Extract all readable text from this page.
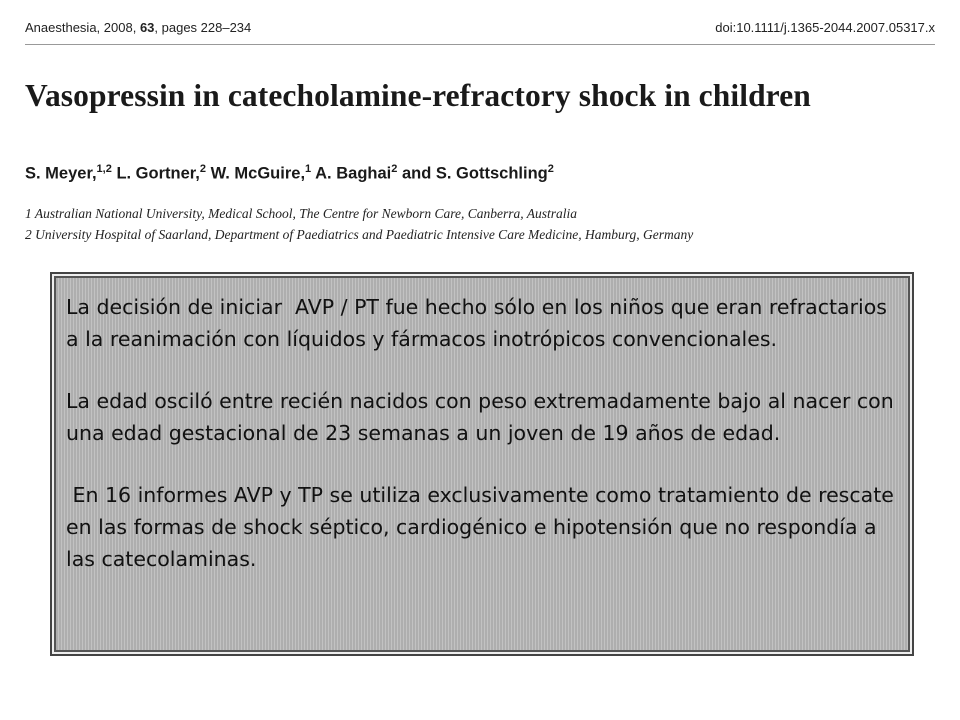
Anaesthesia, 2008, 63, pages 228–234	doi:10.1111/j.1365-2044.2007.05317.x
Vasopressin in catecholamine-refractory shock in children
S. Meyer,$^{1,2}$ L. Gortner,$^2$ W. McGuire,$^1$ A. Baghai$^2$ and S. Gottschling$^2$
1 Australian National University, Medical School, The Centre for Newborn Care, Canberra, Australia
2 University Hospital of Saarland, Department of Paediatrics and Paediatric Intensive Care Medicine, Hamburg, Germany

La decisión de iniciar  AVP / PT fue hecho sólo en los niños que eran refractarios a la reanimación con líquidos y fármacos inotrópicos convencionales.

La edad osciló entre recién nacidos con peso extremadamente bajo al nacer con una edad gestacional de 23 semanas a un joven de 19 años de edad.

En 16 informes AVP y TP se utiliza exclusivamente como tratamiento de rescate en las formas de shock séptico, cardiogénico e hipotensión que no respondía a las catecolaminas.
